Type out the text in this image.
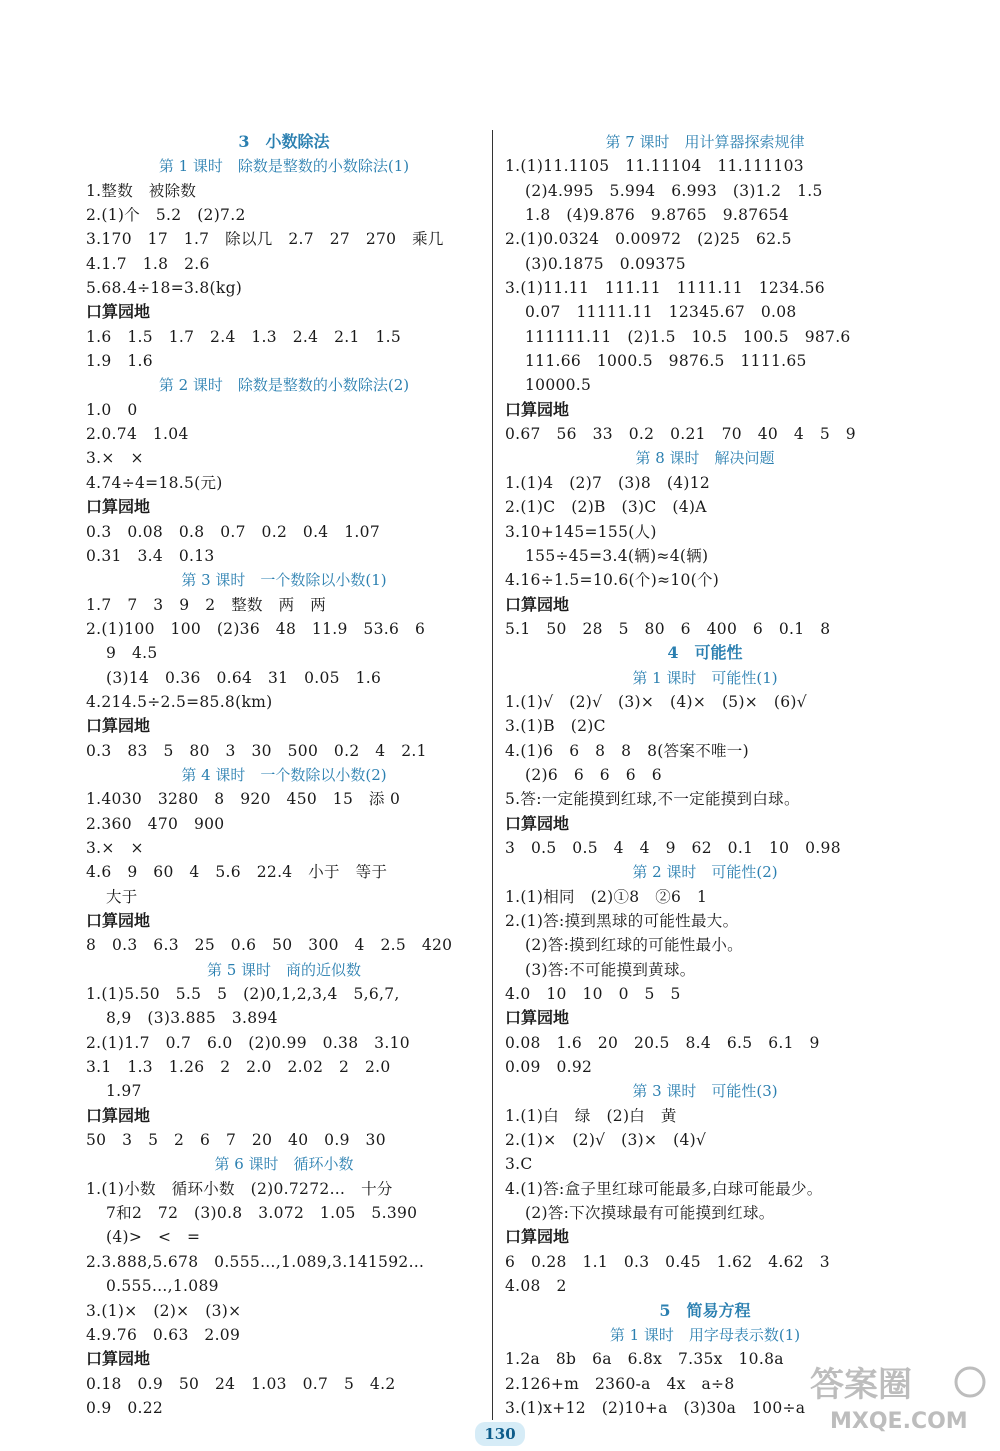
3　小数除法
第 1 课时　除数是整数的小数除法(1)
1.整数　被除数
2.(1)个　5.2　(2)7.2
3.170　17　1.7　除以几　2.7　27　270　乘几
4.1.7　1.8　2.6
5.68.4÷18=3.8(kg)
口算园地
1.6　1.5　1.7　2.4　1.3　2.4　2.1　1.5
1.9　1.6
第 2 课时　除数是整数的小数除法(2)
1.0　0
2.0.74　1.04
3.×　×
4.74÷4=18.5(元)
口算园地
0.3　0.08　0.8　0.7　0.2　0.4　1.07
0.31　3.4　0.13
第 3 课时　一个数除以小数(1)
1.7　7　3　9　2　整数　两　两
2.(1)100　100　(2)36　48　11.9　53.6　6
9　4.5
(3)14　0.36　0.64　31　0.05　1.6
4.214.5÷2.5=85.8(km)
口算园地
0.3　83　5　80　3　30　500　0.2　4　2.1
第 4 课时　一个数除以小数(2)
1.4030　3280　8　920　450　15　添 0
2.360　470　900
3.×　×
4.6　9　60　4　5.6　22.4　小于　等于
大于
口算园地
8　0.3　6.3　25　0.6　50　300　4　2.5　420
第 5 课时　商的近似数
1.(1)5.50　5.5　5　(2)0,1,2,3,4　5,6,7,
8,9　(3)3.885　3.894
2.(1)1.7　0.7　6.0　(2)0.99　0.38　3.10
3.1　1.3　1.26　2　2.0　2.02　2　2.0
1.97
口算园地
50　3　5　2　6　7　20　40　0.9　30
第 6 课时　循环小数
1.(1)小数　循环小数　(2)0.7272…　十分
7和2　72　(3)0.8　3.072　1.05　5.390
(4)>　<　=
2.3.888,5.678　0.555…,1.089,3.141592…
0.555…,1.089
3.(1)×　(2)×　(3)×
4.9.76　0.63　2.09
口算园地
0.18　0.9　50　24　1.03　0.7　5　4.2
0.9　0.22
第 7 课时　用计算器探索规律
1.(1)11.1105　11.11104　11.111103
(2)4.995　5.994　6.993　(3)1.2　1.5
1.8　(4)9.876　9.8765　9.87654
2.(1)0.0324　0.00972　(2)25　62.5
(3)0.1875　0.09375
3.(1)11.11　111.11　1111.11　1234.56
0.07　11111.11　12345.67　0.08
111111.11　(2)1.5　10.5　100.5　987.6
111.66　1000.5　9876.5　1111.65
10000.5
口算园地
0.67　56　33　0.2　0.21　70　40　4　5　9
第 8 课时　解决问题
1.(1)4　(2)7　(3)8　(4)12
2.(1)C　(2)B　(3)C　(4)A
3.10+145=155(人)
155÷45=3.4(辆)≈4(辆)
4.16÷1.5=10.6(个)≈10(个)
口算园地
5.1　50　28　5　80　6　400　6　0.1　8
4　可能性
第 1 课时　可能性(1)
1.(1)√　(2)√　(3)×　(4)×　(5)×　(6)√
3.(1)B　(2)C
4.(1)6　6　8　8　8(答案不唯一)
(2)6　6　6　6　6
5.答:一定能摸到红球,不一定能摸到白球。
口算园地
3　0.5　0.5　4　4　9　62　0.1　10　0.98
第 2 课时　可能性(2)
1.(1)相同　(2)①8　②6　1
2.(1)答:摸到黑球的可能性最大。
(2)答:摸到红球的可能性最小。
(3)答:不可能摸到黄球。
4.0　10　10　0　5　5
口算园地
0.08　1.6　20　20.5　8.4　6.5　6.1　9
0.09　0.92
第 3 课时　可能性(3)
1.(1)白　绿　(2)白　黄
2.(1)×　(2)√　(3)×　(4)√
3.C
4.(1)答:盒子里红球可能最多,白球可能最少。
(2)答:下次摸球最有可能摸到红球。
口算园地
6　0.28　1.1　0.3　0.45　1.62　4.62　3
4.08　2
5　简易方程
第 1 课时　用字母表示数(1)
1.2a　8b　6a　6.8x　7.35x　10.8a
2.126+m　2360-a　4x　a÷8
3.(1)x+12　(2)10+a　(3)30a　100÷a
130
答案圈
MXQE.COM
